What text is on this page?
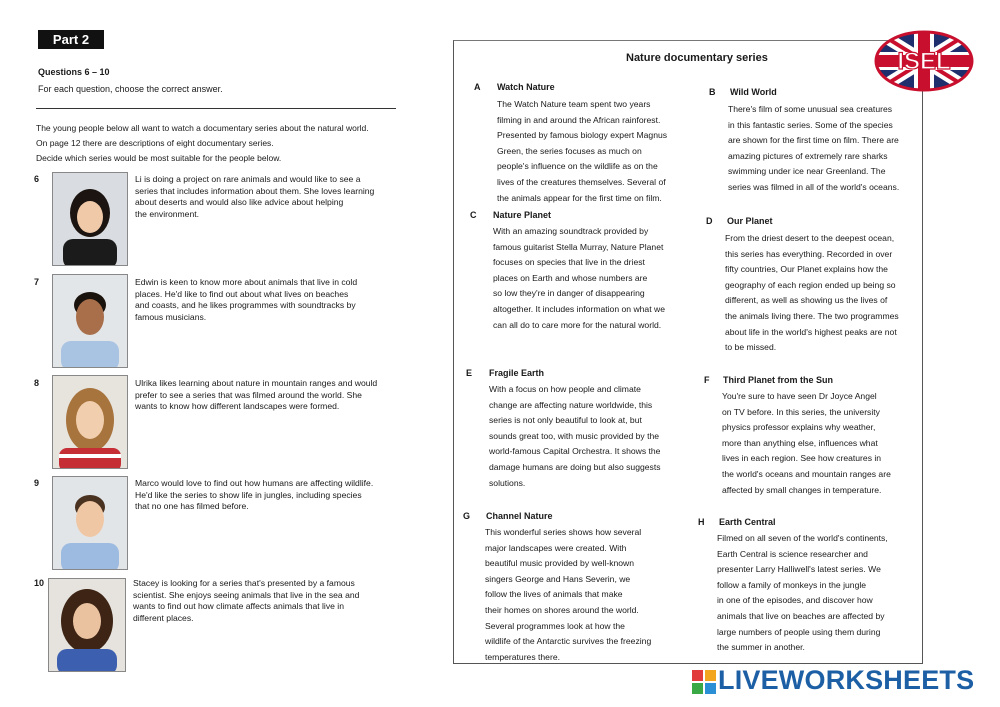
Part 2
Questions 6 – 10
For each question, choose the correct answer.
The young people below all want to watch a documentary series about the natural world.
On page 12 there are descriptions of eight documentary series.
Decide which series would be most suitable for the people below.
6	Li is doing a project on rare animals and would like to see a
series that includes information about them. She loves learning
about deserts and would also like advice about helping
the environment.
7	Edwin is keen to know more about animals that live in cold
places. He'd like to find out about what lives on beaches
and coasts, and he likes programmes with soundtracks by
famous musicians.
8	Ulrika likes learning about nature in mountain ranges and would
prefer to see a series that was filmed around the world. She
wants to know how different landscapes were formed.
9	Marco would love to find out how humans are affecting wildlife.
He'd like the series to show life in jungles, including species
that no one has filmed before.
10	Stacey is looking for a series that's presented by a famous
scientist. She enjoys seeing animals that live in the sea and
wants to find out how climate affects animals that live in
different places.
Nature documentary series
A Watch Nature
The Watch Nature team spent two years
filming in and around the African rainforest.
Presented by famous biology expert Magnus
Green, the series focuses as much on
people's influence on the wildlife as on the
lives of the creatures themselves. Several of
the animals appear for the first time on film.
B Wild World
There's film of some unusual sea creatures
in this fantastic series. Some of the species
are shown for the first time on film. There are
amazing pictures of extremely rare sharks
swimming under ice near Greenland. The
series was filmed in all of the world's oceans.
C Nature Planet
With an amazing soundtrack provided by
famous guitarist Stella Murray, Nature Planet
focuses on species that live in the driest
places on Earth and whose numbers are
so low they're in danger of disappearing
altogether. It includes information on what we
can all do to care more for the natural world.
D Our Planet
From the driest desert to the deepest ocean,
this series has everything. Recorded in over
fifty countries, Our Planet explains how the
geography of each region ended up being so
different, as well as showing us the lives of
the animals living there. The two programmes
about life in the world's highest peaks are not
to be missed.
E Fragile Earth
With a focus on how people and climate
change are affecting nature worldwide, this
series is not only beautiful to look at, but
sounds great too, with music provided by the
world-famous Capital Orchestra. It shows the
damage humans are doing but also suggests
solutions.
F Third Planet from the Sun
You're sure to have seen Dr Joyce Angel
on TV before. In this series, the university
physics professor explains why weather,
more than anything else, influences what
lives in each region. See how creatures in
the world's oceans and mountain ranges are
affected by small changes in temperature.
G Channel Nature
This wonderful series shows how several
major landscapes were created. With
beautiful music provided by well-known
singers George and Hans Severin, we
follow the lives of animals that make
their homes on shores around the world.
Several programmes look at how the
wildlife of the Antarctic survives the freezing
temperatures there.
H Earth Central
Filmed on all seven of the world's continents,
Earth Central is science researcher and
presenter Larry Halliwell's latest series. We
follow a family of monkeys in the jungle
in one of the episodes, and discover how
animals that live on beaches are affected by
large numbers of people using them during
the summer in another.
ISEL
LIVEWORKSHEETS
